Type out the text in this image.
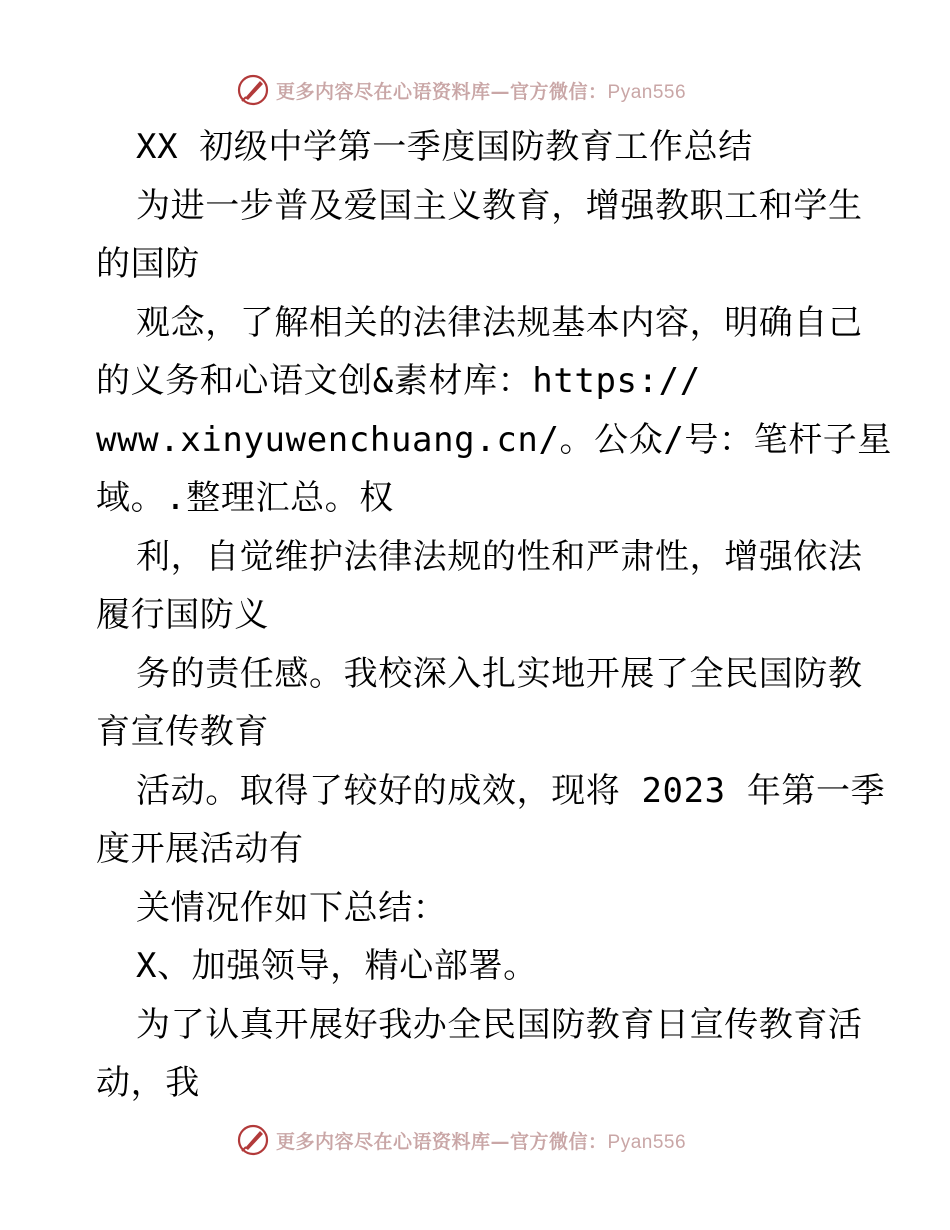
更多内容尽在心语资料库—官方微信：Pyan556
XX 初级中学第一季度国防教育工作总结
为进一步普及爱国主义教育，增强教职工和学生
的国防
观念，了解相关的法律法规基本内容，明确自己
的义务和心语文创&素材库：https://
www.xinyuwenchuang.cn/。公众/号：笔杆子星
域。.整理汇总。权
利，自觉维护法律法规的性和严肃性，增强依法
履行国防义
务的责任感。我校深入扎实地开展了全民国防教
育宣传教育
活动。取得了较好的成效，现将 2023 年第一季
度开展活动有
关情况作如下总结：
X、加强领导，精心部署。
为了认真开展好我办全民国防教育日宣传教育活
动，我
更多内容尽在心语资料库—官方微信：Pyan556
